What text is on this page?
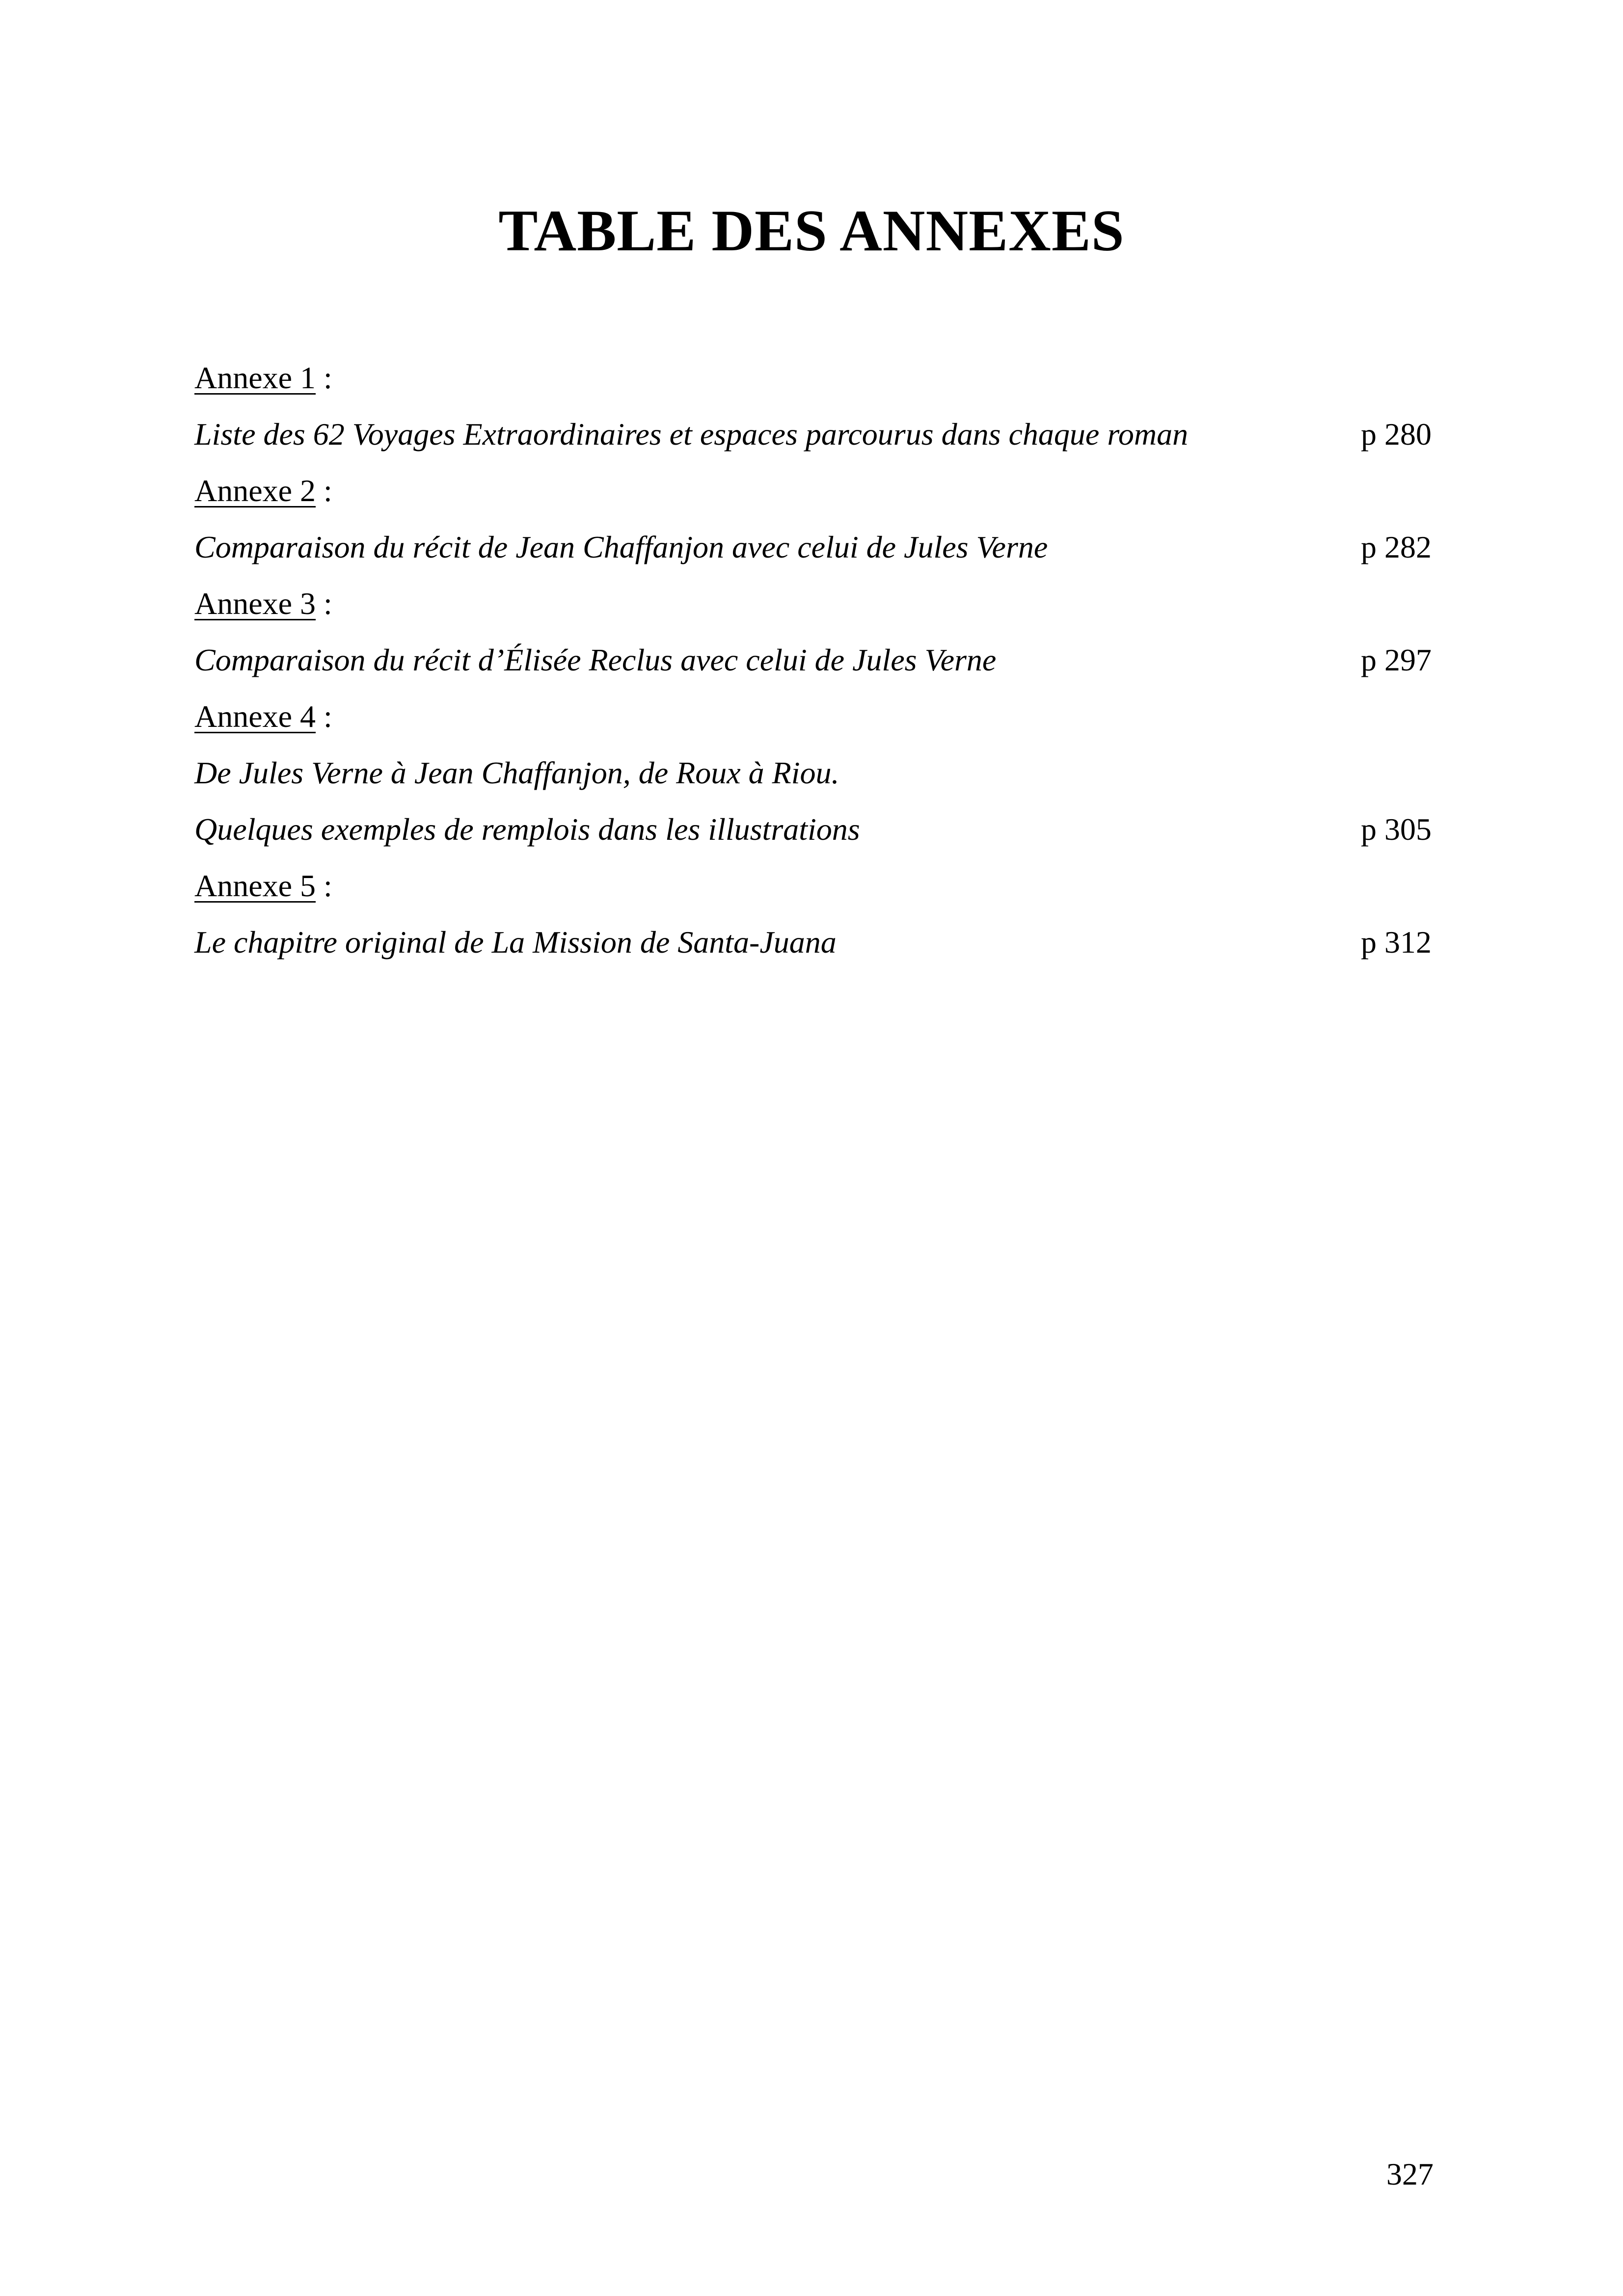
TABLE DES ANNEXES
Annexe 1 :
Liste des 62 Voyages Extraordinaires et espaces parcourus dans chaque roman	p 280
Annexe 2 :
Comparaison du récit de Jean Chaffanjon avec celui de Jules Verne	p 282
Annexe 3 :
Comparaison du récit d’Élisée Reclus avec celui de Jules Verne	p 297
Annexe 4 :
De Jules Verne à Jean Chaffanjon, de Roux à Riou.
Quelques exemples de remplois dans les illustrations	p 305
Annexe 5 :
Le chapitre original de La Mission de Santa-Juana	p 312
327
